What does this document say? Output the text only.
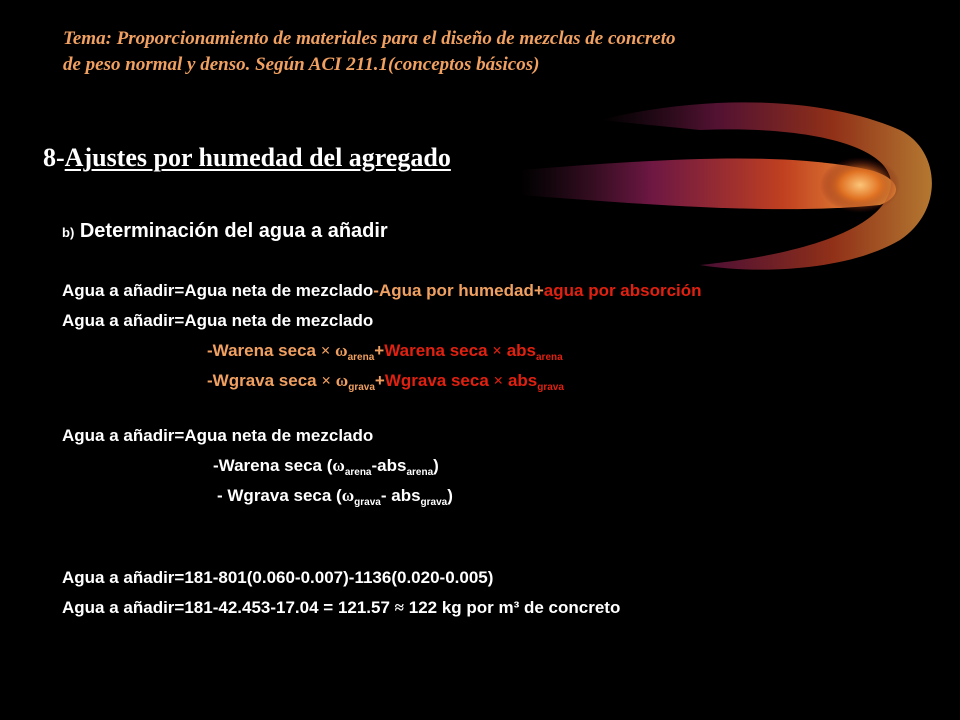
Tema: Proporcionamiento de materiales para el diseño de mezclas de concreto
de peso normal y denso. Según ACI 211.1(conceptos básicos)
8-Ajustes por humedad del agregado
b) Determinación del agua a añadir
Agua a añadir=Agua neta de mezclado-Agua por humedad+agua por absorción
Agua a añadir=Agua neta de mezclado
-Warena $\sec a \times \omega_{arena}+Warena$ seca × abs$_{arena}$
-Wgrava $\sec a \times \omega_{grava}+Wgrava$ seca × abs$_{grava}$
Agua a añadir=Agua neta de mezclado
-Warena seca $(\omega_{arena}-abs_{arena})$
- Wgrava seca ($\omega_{grava}-$ abs$_{grava}$)
Agua a añadir=181-801(0.060-0.007)-1136(0.020-0.005)
Agua a añadir=181-42.453-17.04 = 121.57 ≈ 122 kg por m³ de concreto
